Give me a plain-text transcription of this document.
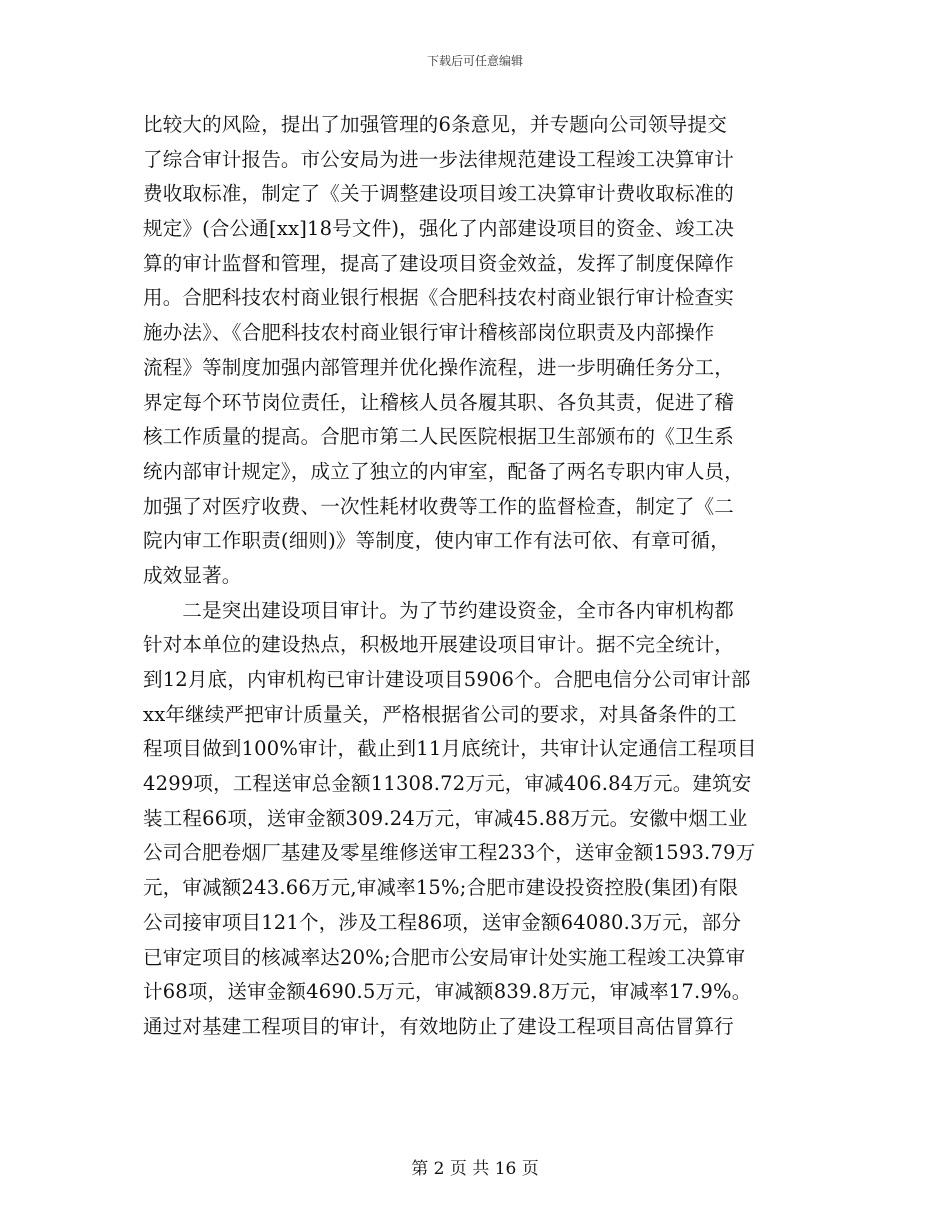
下载后可任意编辑
比较大的风险，提出了加强管理的6条意见，并专题向公司领导提交
了综合审计报告。市公安局为进一步法律规范建设工程竣工决算审计
费收取标准，制定了《关于调整建设项目竣工决算审计费收取标准的
规定》(合公通[xx]18号文件)，强化了内部建设项目的资金、竣工决
算的审计监督和管理，提高了建设项目资金效益，发挥了制度保障作
用。合肥科技农村商业银行根据《合肥科技农村商业银行审计检查实
施办法》、《合肥科技农村商业银行审计稽核部岗位职责及内部操作
流程》等制度加强内部管理并优化操作流程，进一步明确任务分工，
界定每个环节岗位责任，让稽核人员各履其职、各负其责，促进了稽
核工作质量的提高。合肥市第二人民医院根据卫生部颁布的《卫生系
统内部审计规定》，成立了独立的内审室，配备了两名专职内审人员，
加强了对医疗收费、一次性耗材收费等工作的监督检查，制定了《二
院内审工作职责(细则)》等制度，使内审工作有法可依、有章可循，
成效显著。
　　二是突出建设项目审计。为了节约建设资金，全市各内审机构都
针对本单位的建设热点，积极地开展建设项目审计。据不完全统计，
到12月底，内审机构已审计建设项目5906个。合肥电信分公司审计部
xx年继续严把审计质量关，严格根据省公司的要求，对具备条件的工
程项目做到100%审计，截止到11月底统计，共审计认定通信工程项目
4299项，工程送审总金额11308.72万元，审减406.84万元。建筑安
装工程66项，送审金额309.24万元，审减45.88万元。安徽中烟工业
公司合肥卷烟厂基建及零星维修送审工程233个，送审金额1593.79万
元，审减额243.66万元,审减率15%;合肥市建设投资控股(集团)有限
公司接审项目121个，涉及工程86项，送审金额64080.3万元，部分
已审定项目的核减率达20%;合肥市公安局审计处实施工程竣工决算审
计68项，送审金额4690.5万元，审减额839.8万元，审减率17.9%。
通过对基建工程项目的审计，有效地防止了建设工程项目高估冒算行
第 2 页 共 16 页
